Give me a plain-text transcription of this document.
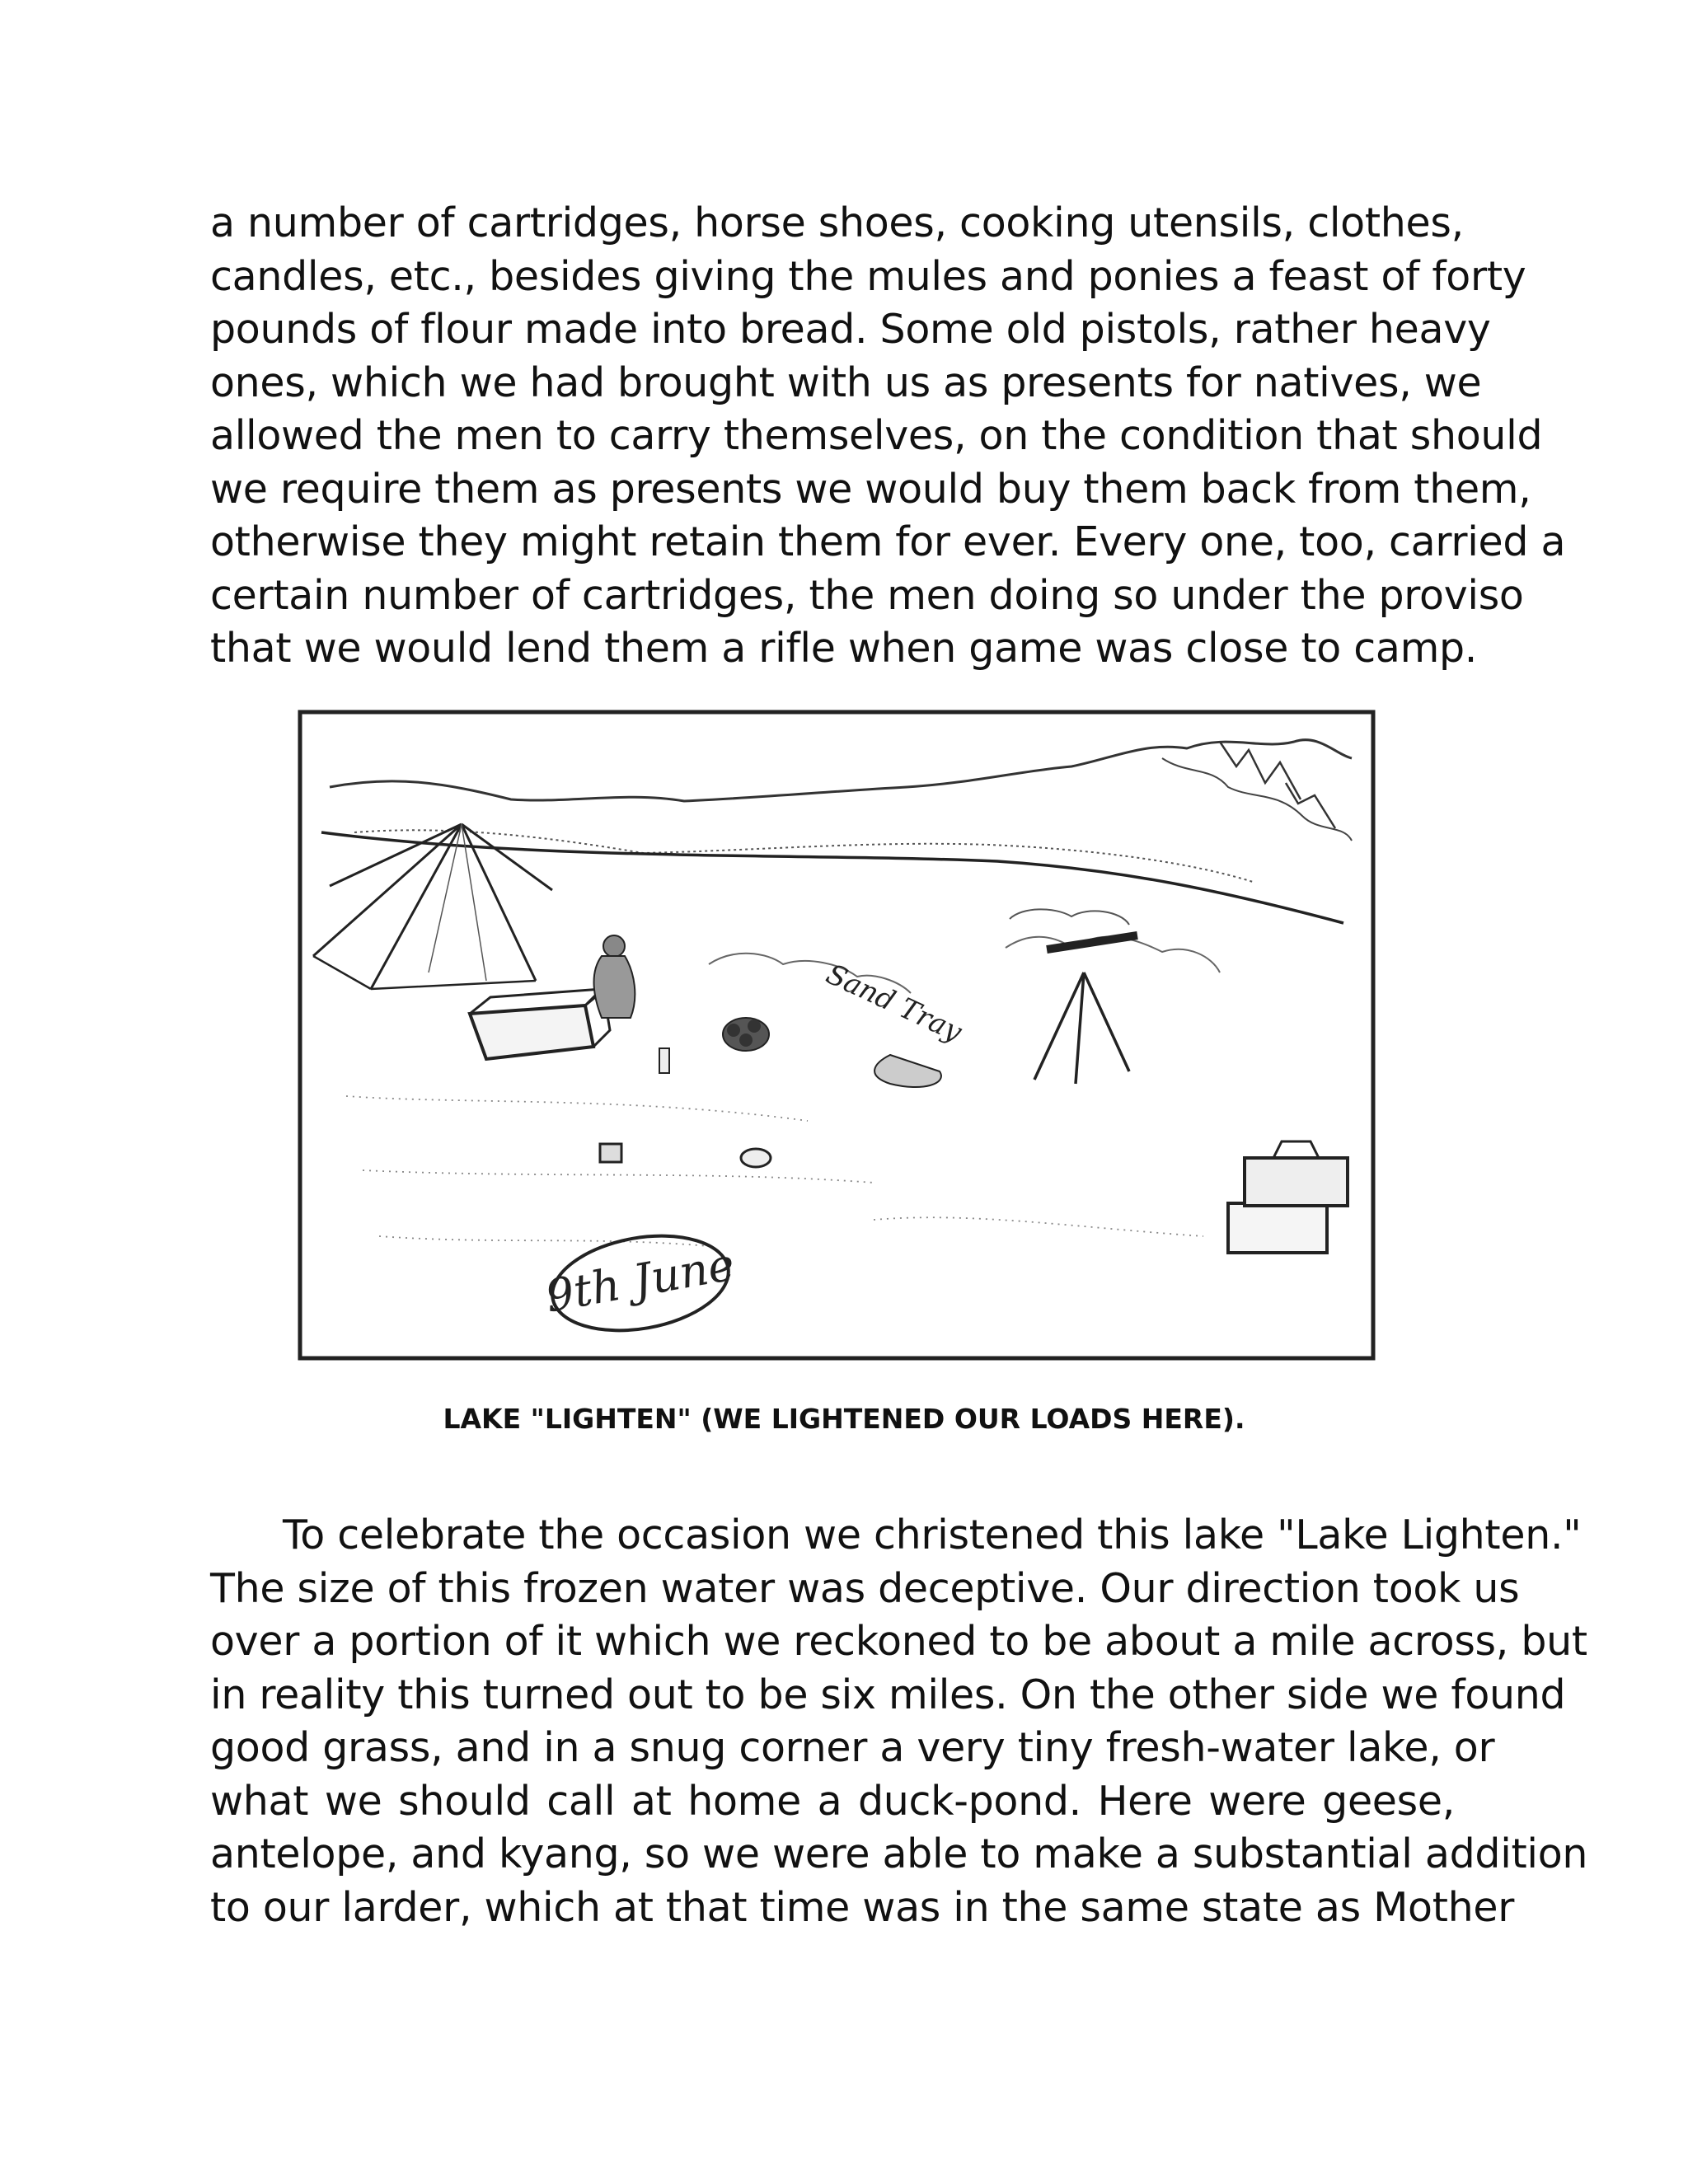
a number of cartridges, horse shoes, cooking utensils, clothes,
candles, etc., besides giving the mules and ponies a feast of forty
pounds of flour made into bread. Some old pistols, rather heavy
ones, which we had brought with us as presents for natives, we
allowed the men to carry themselves, on the condition that should
we require them as presents we would buy them back from them,
otherwise they might retain them for ever. Every one, too, carried a
certain number of cartridges, the men doing so under the proviso
that we would lend them a rifle when game was close to camp.
Sand Tray
9th June
LAKE "LIGHTEN" (WE LIGHTENED OUR LOADS HERE).
To celebrate the occasion we christened this lake "Lake Lighten."
The size of this frozen water was deceptive. Our direction took us
over a portion of it which we reckoned to be about a mile across, but
in reality this turned out to be six miles. On the other side we found
good grass, and in a snug corner a very tiny fresh-water lake, or
what we should call at home a duck-pond. Here were geese,
antelope, and kyang, so we were able to make a substantial addition
to our larder, which at that time was in the same state as Mother
